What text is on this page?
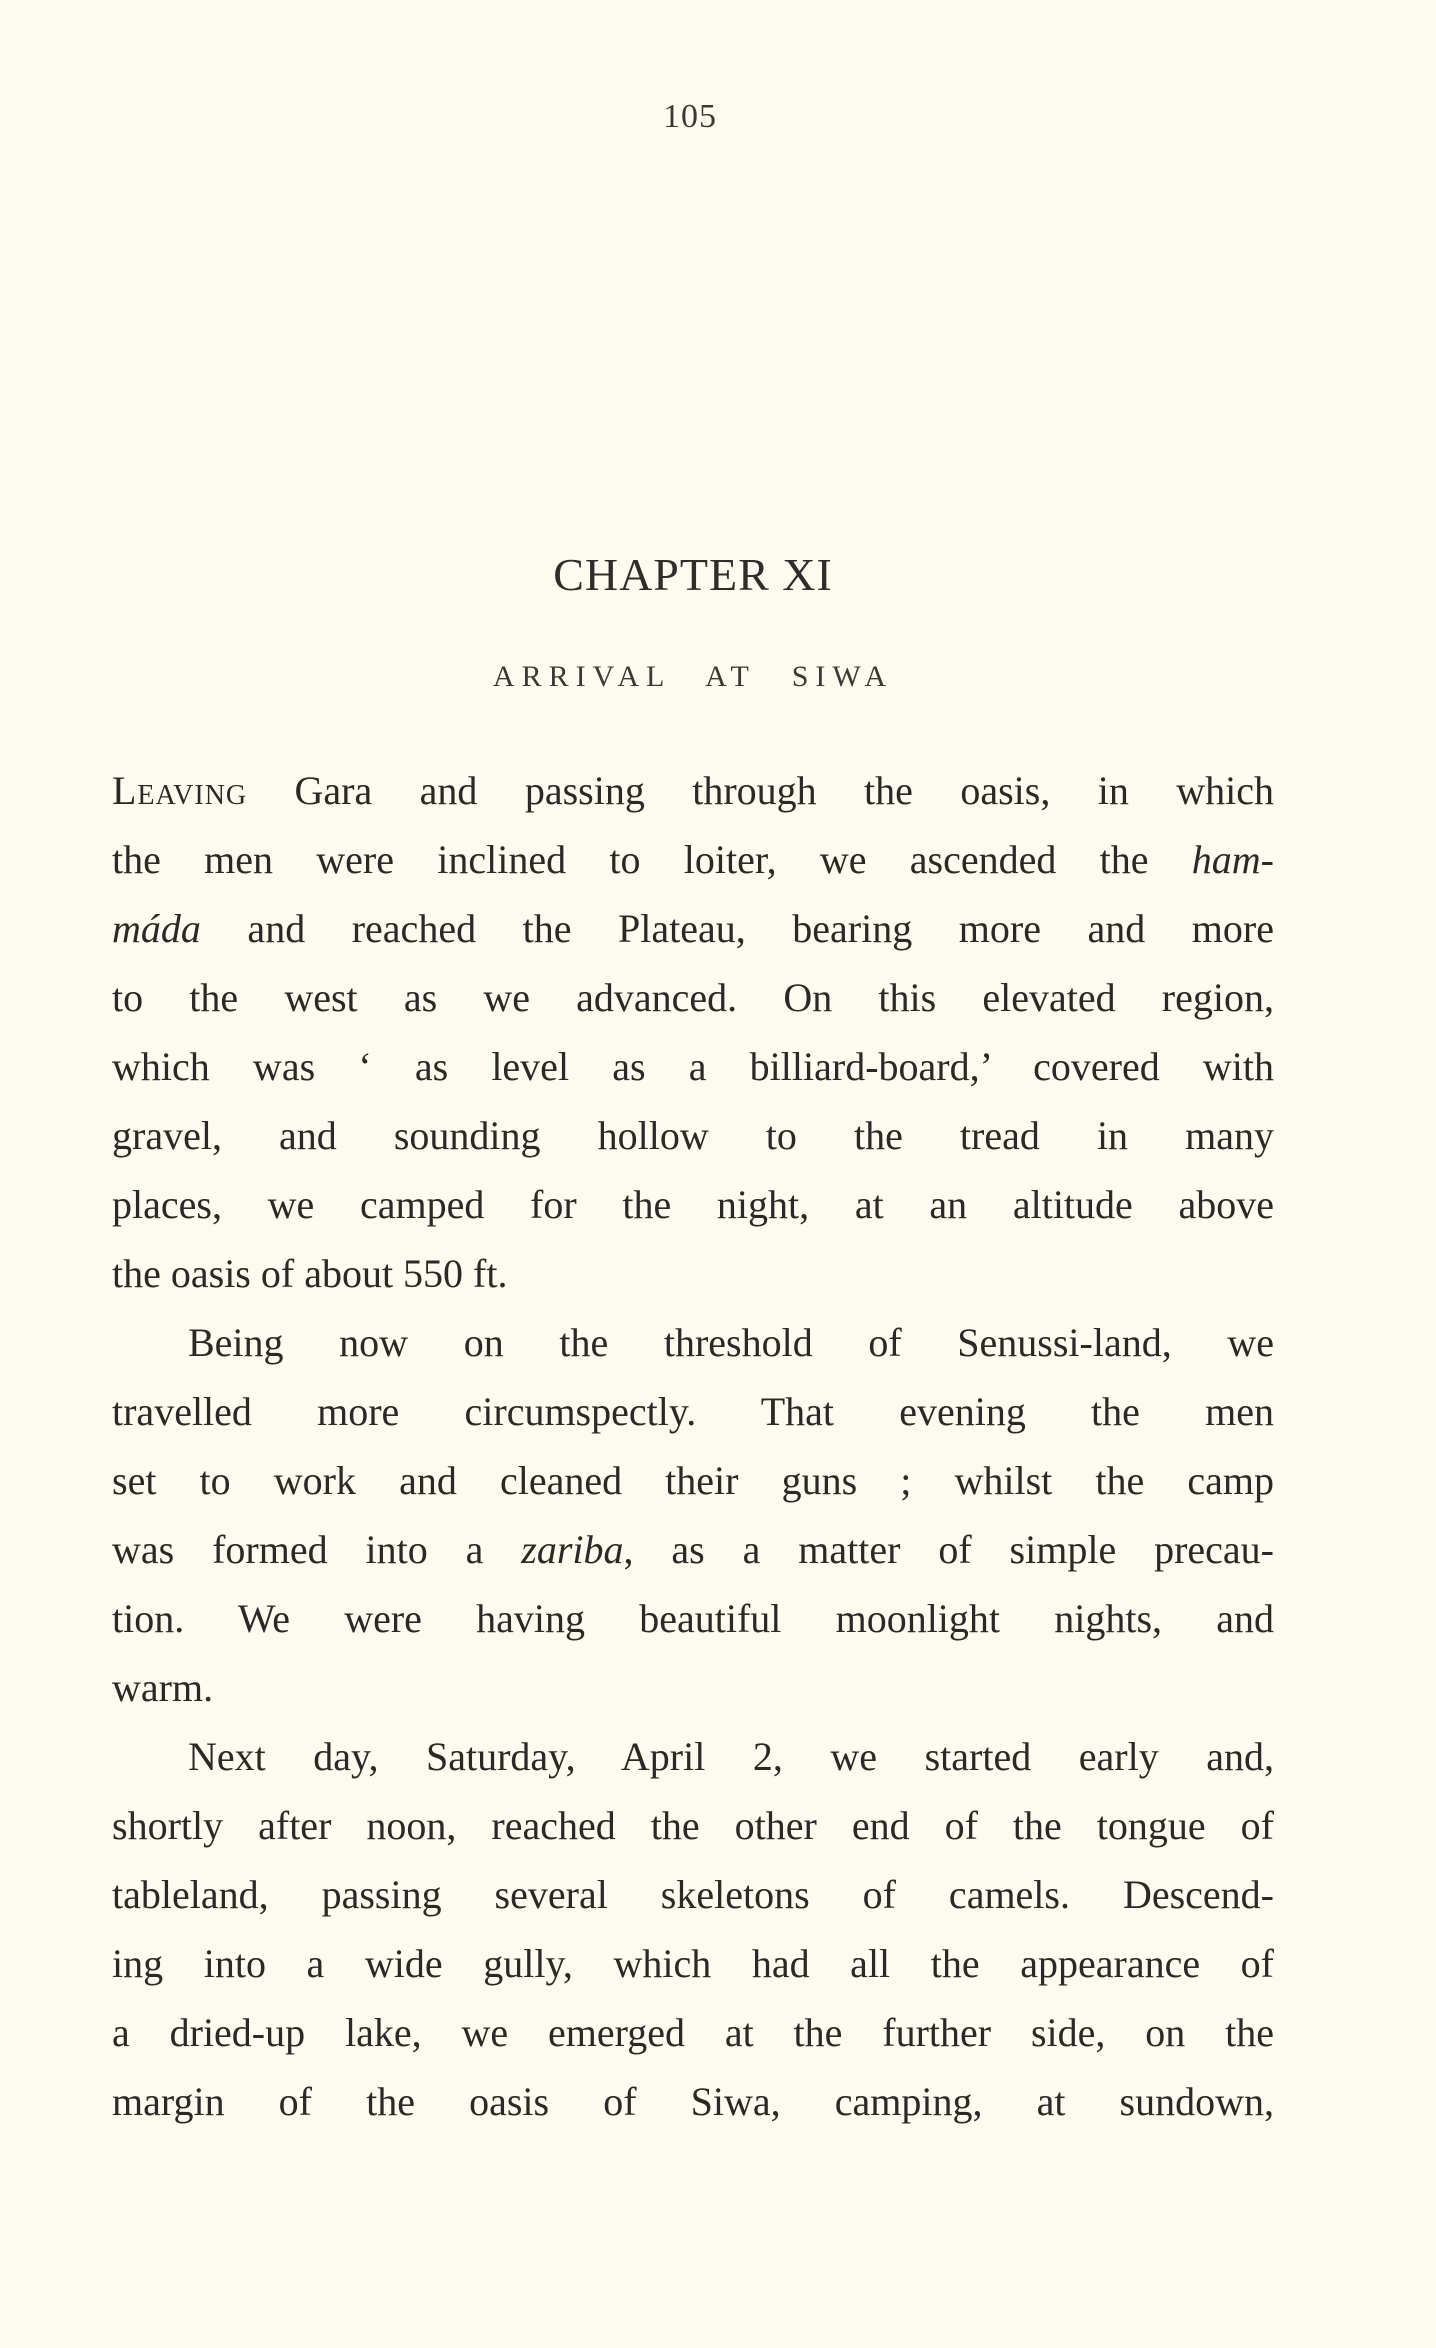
105
CHAPTER XI
ARRIVAL AT SIWA
Leaving Gara and passing through the oasis, in which
the men were inclined to loiter, we ascended the ham-
máda and reached the Plateau, bearing more and more
to the west as we advanced. On this elevated region,
which was ‘ as level as a billiard-board,’ covered with
gravel, and sounding hollow to the tread in many
places, we camped for the night, at an altitude above
the oasis of about 550 ft.
Being now on the threshold of Senussi-land, we
travelled more circumspectly. That evening the men
set to work and cleaned their guns ; whilst the camp
was formed into a zariba, as a matter of simple precau-
tion. We were having beautiful moonlight nights, and
warm.
Next day, Saturday, April 2, we started early and,
shortly after noon, reached the other end of the tongue of
tableland, passing several skeletons of camels. Descend-
ing into a wide gully, which had all the appearance of
a dried-up lake, we emerged at the further side, on the
margin of the oasis of Siwa, camping, at sundown,
